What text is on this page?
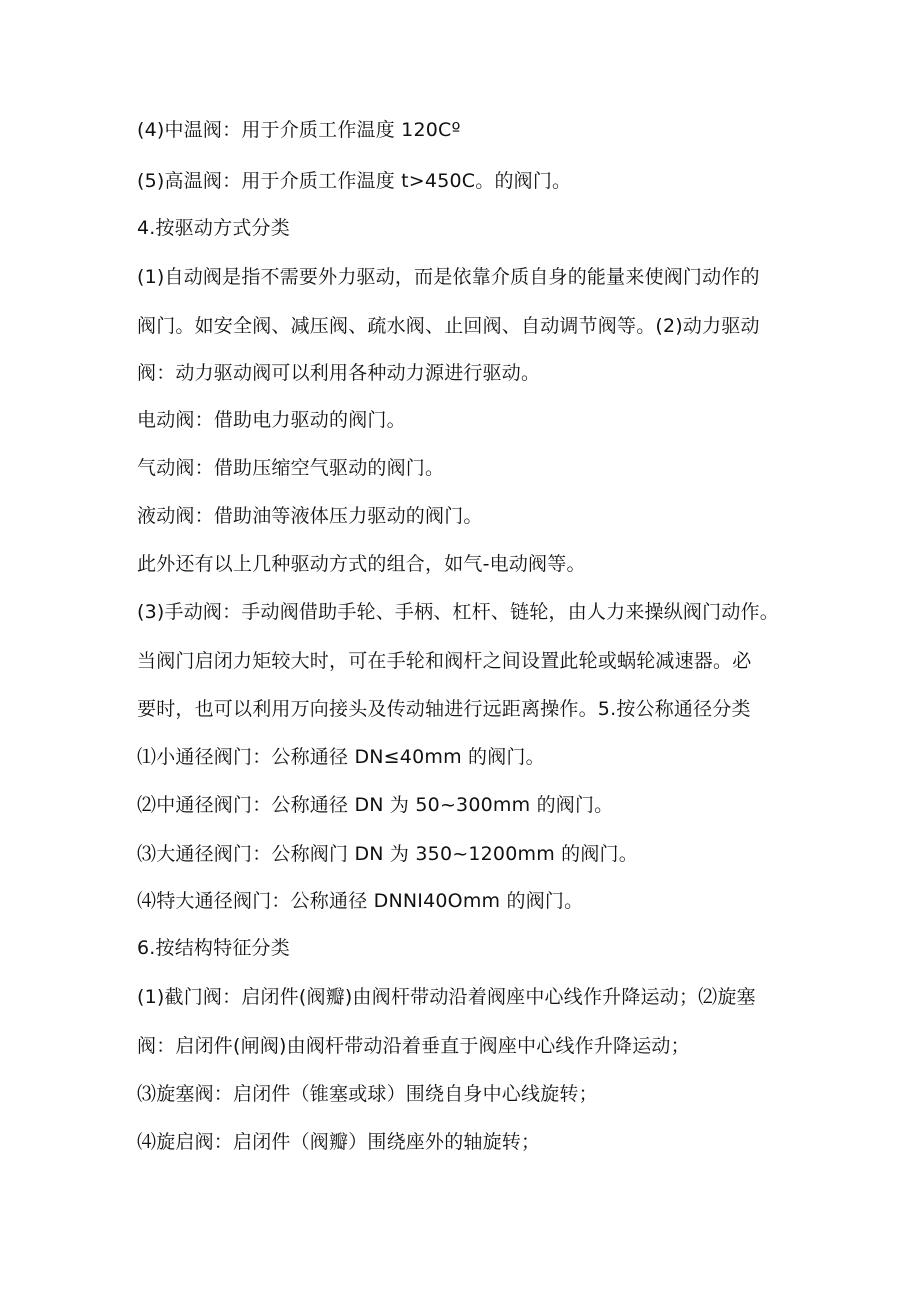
(4)中温阀：用于介质工作温度 120Cº

(5)高温阀：用于介质工作温度 t>450C。的阀门。

4.按驱动方式分类

(1)自动阀是指不需要外力驱动，而是依靠介质自身的能量来使阀门动作的

阀门。如安全阀、减压阀、疏水阀、止回阀、自动调节阀等。(2)动力驱动

阀：动力驱动阀可以利用各种动力源进行驱动。

电动阀：借助电力驱动的阀门。

气动阀：借助压缩空气驱动的阀门。

液动阀：借助油等液体压力驱动的阀门。

此外还有以上几种驱动方式的组合，如气-电动阀等。

(3)手动阀：手动阀借助手轮、手柄、杠杆、链轮，由人力来操纵阀门动作。

当阀门启闭力矩较大时，可在手轮和阀杆之间设置此轮或蜗轮减速器。必

要时，也可以利用万向接头及传动轴进行远距离操作。5.按公称通径分类

⑴小通径阀门：公称通径 DN≤40mm 的阀门。

⑵中通径阀门：公称通径 DN 为 50~300mm 的阀门。

⑶大通径阀门：公称阀门 DN 为 350~1200mm 的阀门。

⑷特大通径阀门：公称通径 DNNI40Omm 的阀门。

6.按结构特征分类

(1)截门阀：启闭件(阀瓣)由阀杆带动沿着阀座中心线作升降运动；⑵旋塞

阀：启闭件(闸阀)由阀杆带动沿着垂直于阀座中心线作升降运动；

⑶旋塞阀：启闭件（锥塞或球）围绕自身中心线旋转；

⑷旋启阀：启闭件（阀瓣）围绕座外的轴旋转；
